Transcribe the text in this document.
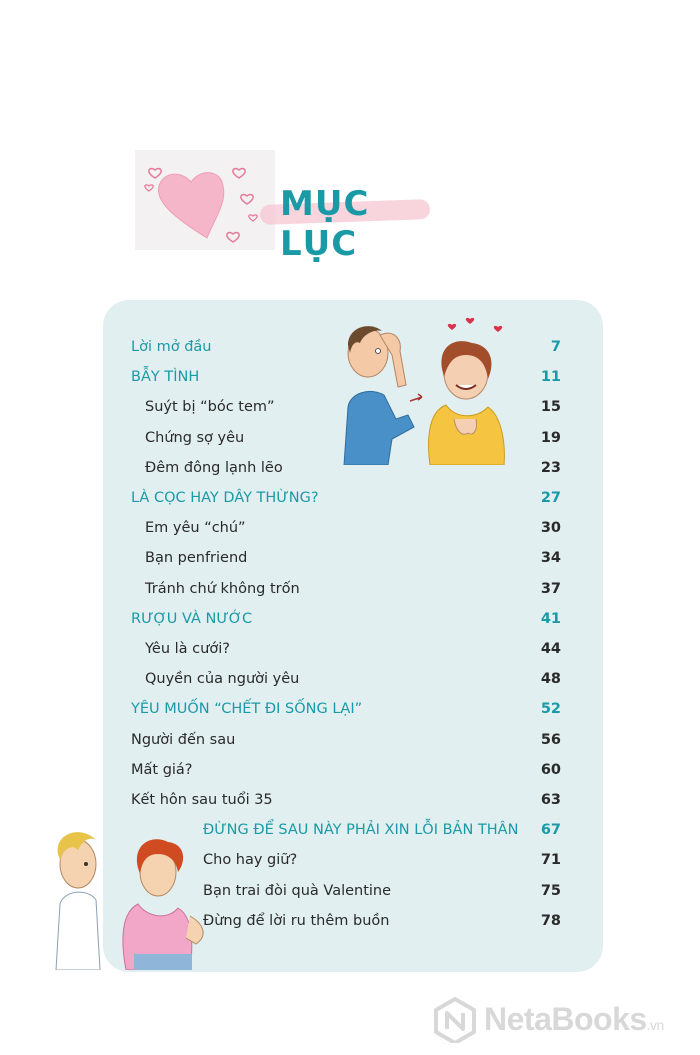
MỤC LỤC
Lời mở đầu	7
BẪY TÌNH	11
Suýt bị “bóc tem”	15
Chứng sợ yêu	19
Đêm đông lạnh lẽo	23
LÀ CỌC HAY DÂY THỪNG?	27
Em yêu “chú”	30
Bạn penfriend	34
Tránh chứ không trốn	37
RƯỢU VÀ NƯỚC	41
Yêu là cưới?	44
Quyền của người yêu	48
YÊU MUỐN “CHẾT ĐI SỐNG LẠI”	52
Người đến sau	56
Mất giá?	60
Kết hôn sau tuổi 35	63
ĐỪNG ĐỂ SAU NÀY PHẢI XIN LỖI BẢN THÂN 67
Cho hay giữ?	71
Bạn trai đòi quà Valentine	75
Đừng để lời ru thêm buồn	78
NetaBooks.vn
